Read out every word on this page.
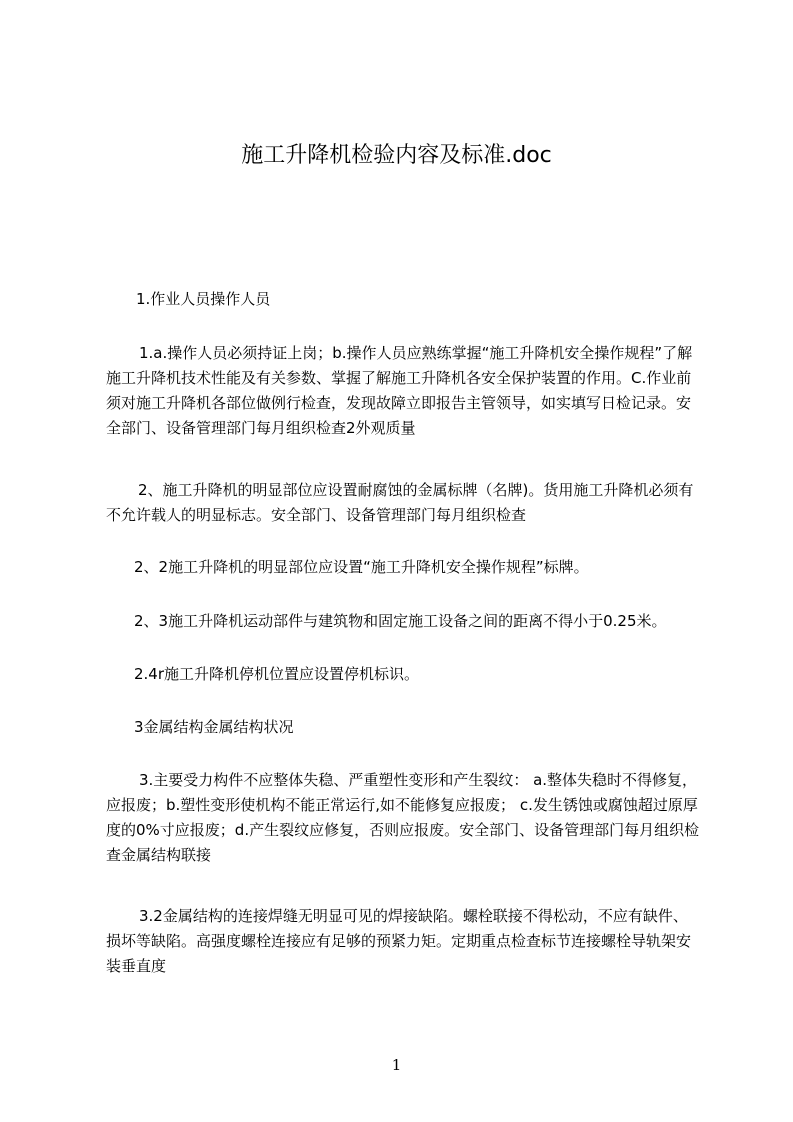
施工升降机检验内容及标准.doc

1.作业人员操作人员

1.a.操作人员必须持证上岗；b.操作人员应熟练掌握“施工升降机安全操作规程”了解施工升降机技术性能及有关参数、掌握了解施工升降机各安全保护装置的作用。C.作业前须对施工升降机各部位做例行检查，发现故障立即报告主管领导，如实填写日检记录。安全部门、设备管理部门每月组织检查2外观质量

2、施工升降机的明显部位应设置耐腐蚀的金属标牌（名牌)。货用施工升降机必须有不允许载人的明显标志。安全部门、设备管理部门每月组织检查

2、2施工升降机的明显部位应设置“施工升降机安全操作规程”标牌。

2、3施工升降机运动部件与建筑物和固定施工设备之间的距离不得小于0.25米。

2.4r施工升降机停机位置应设置停机标识。

3金属结构金属结构状况

3.主要受力构件不应整体失稳、严重塑性变形和产生裂纹： a.整体失稳时不得修复，应报废；b.塑性变形使机构不能正常运行,如不能修复应报废； c.发生锈蚀或腐蚀超过原厚度的0%寸应报废；d.产生裂纹应修复，否则应报废。安全部门、设备管理部门每月组织检查金属结构联接

3.2金属结构的连接焊缝无明显可见的焊接缺陷。螺栓联接不得松动，不应有缺件、损坏等缺陷。高强度螺栓连接应有足够的预紧力矩。定期重点检查标节连接螺栓导轨架安装垂直度

1
